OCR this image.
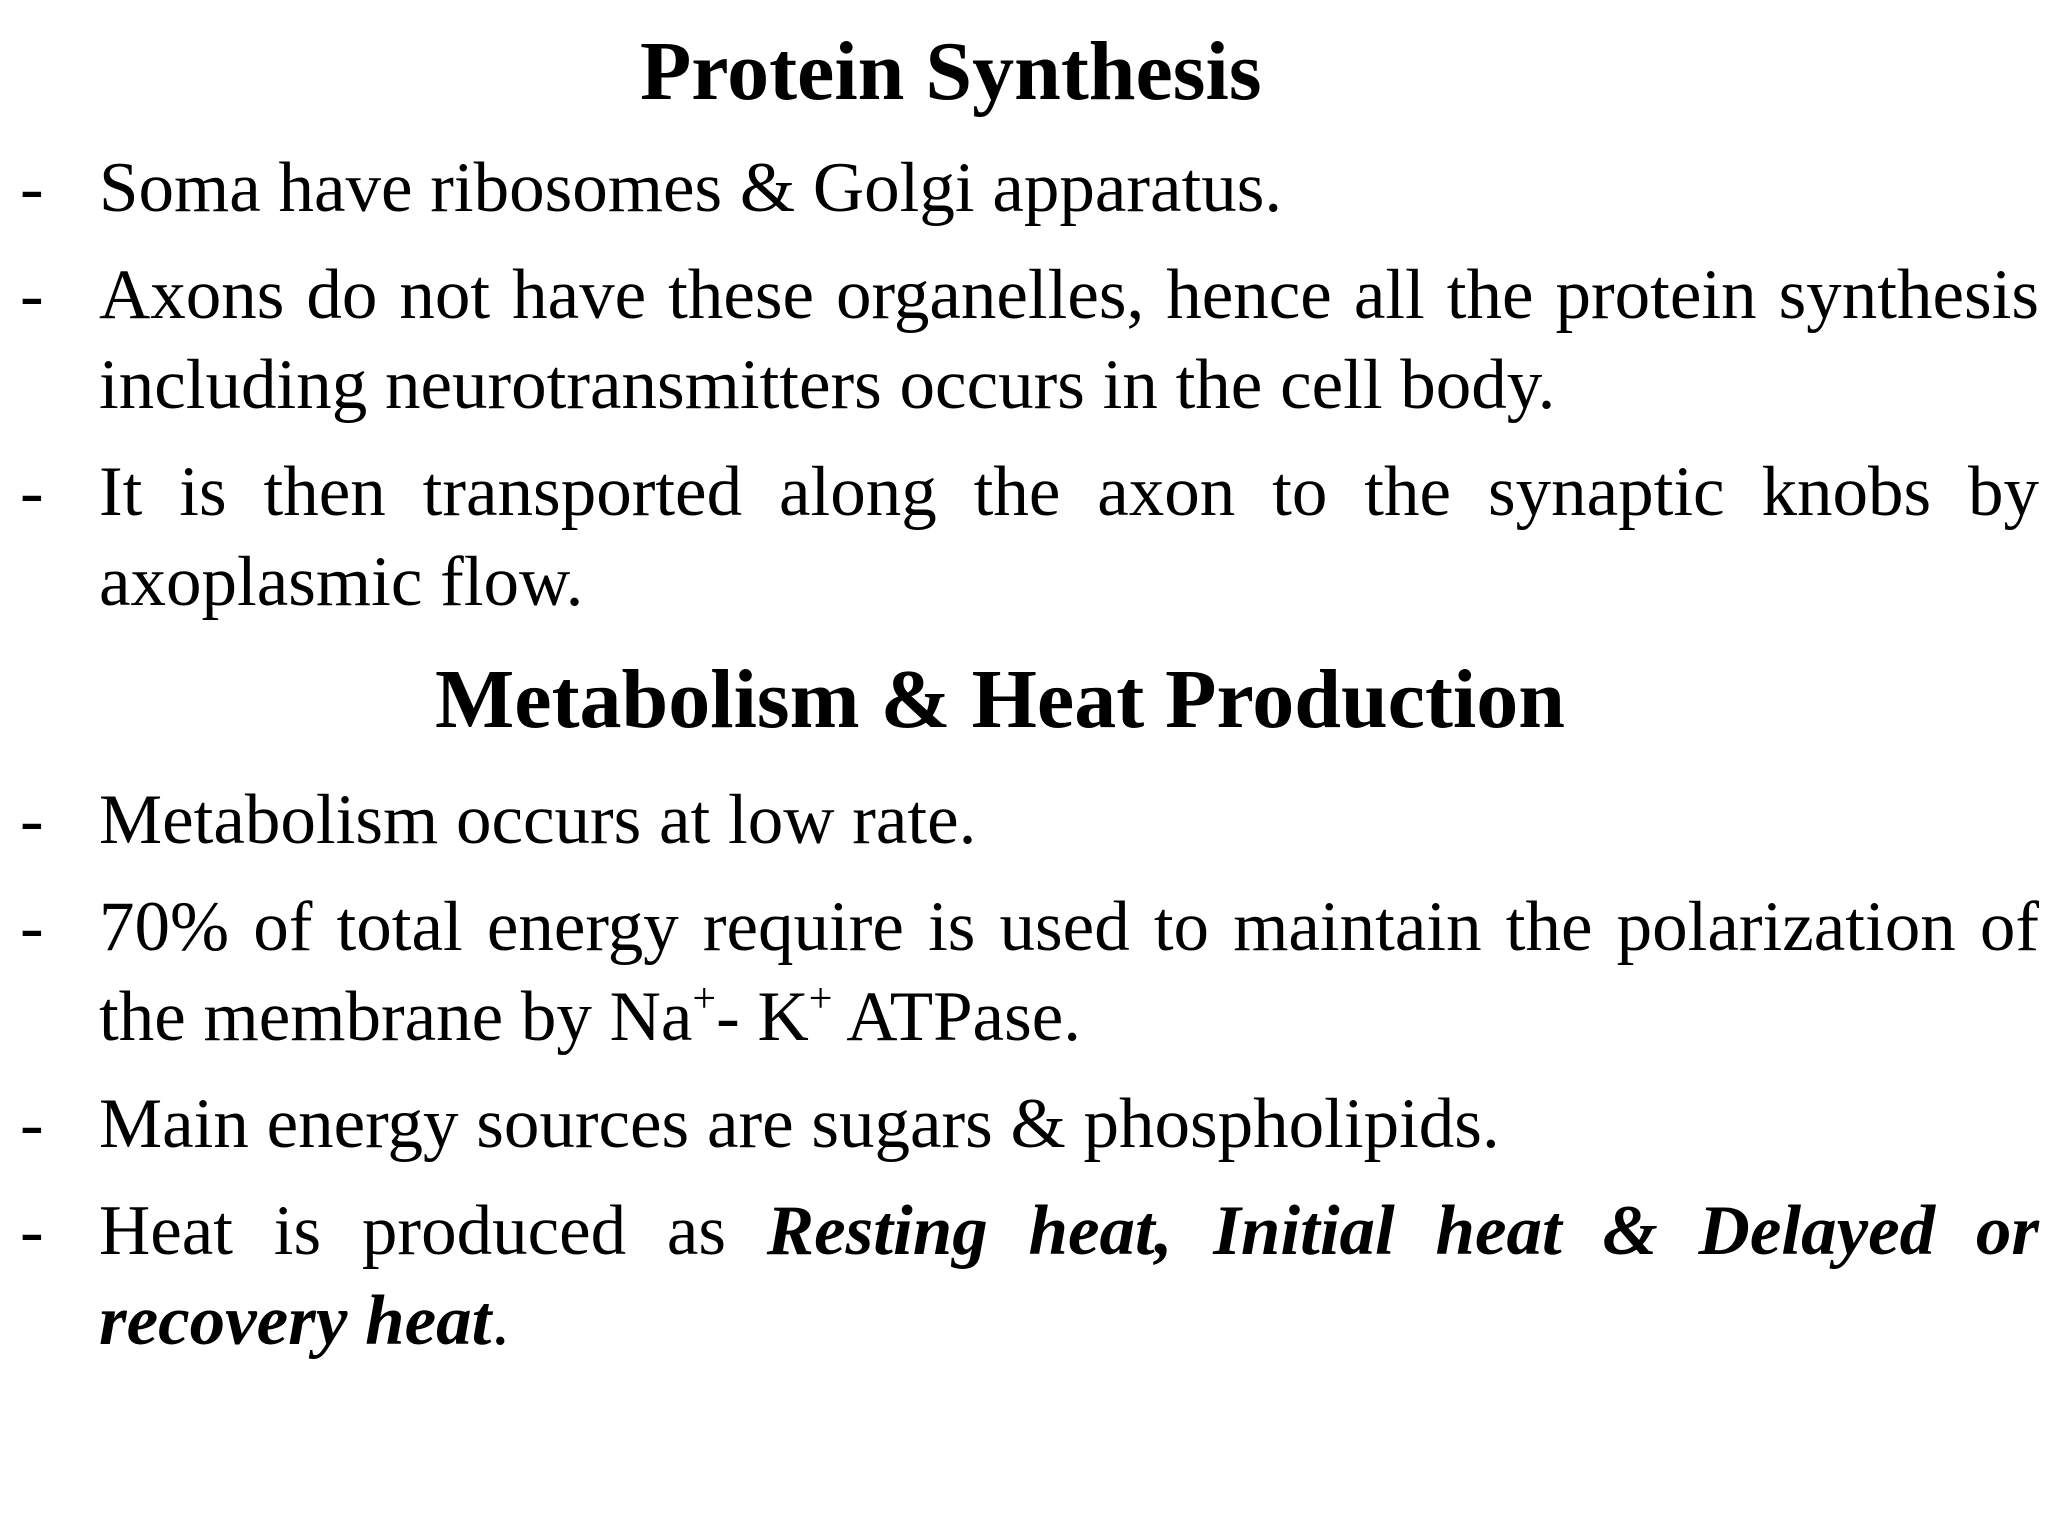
Protein Synthesis
- Soma have ribosomes & Golgi apparatus.
- Axons do not have these organelles, hence all the protein synthesis including neurotransmitters occurs in the cell body.
- It is then transported along the axon to the synaptic knobs by axoplasmic flow.
Metabolism & Heat Production
- Metabolism occurs at low rate.
- 70% of total energy require is used to maintain the polarization of the membrane by Na+- K+ ATPase.
- Main energy sources are sugars & phospholipids.
- Heat is produced as Resting heat, Initial heat & Delayed or recovery heat.
